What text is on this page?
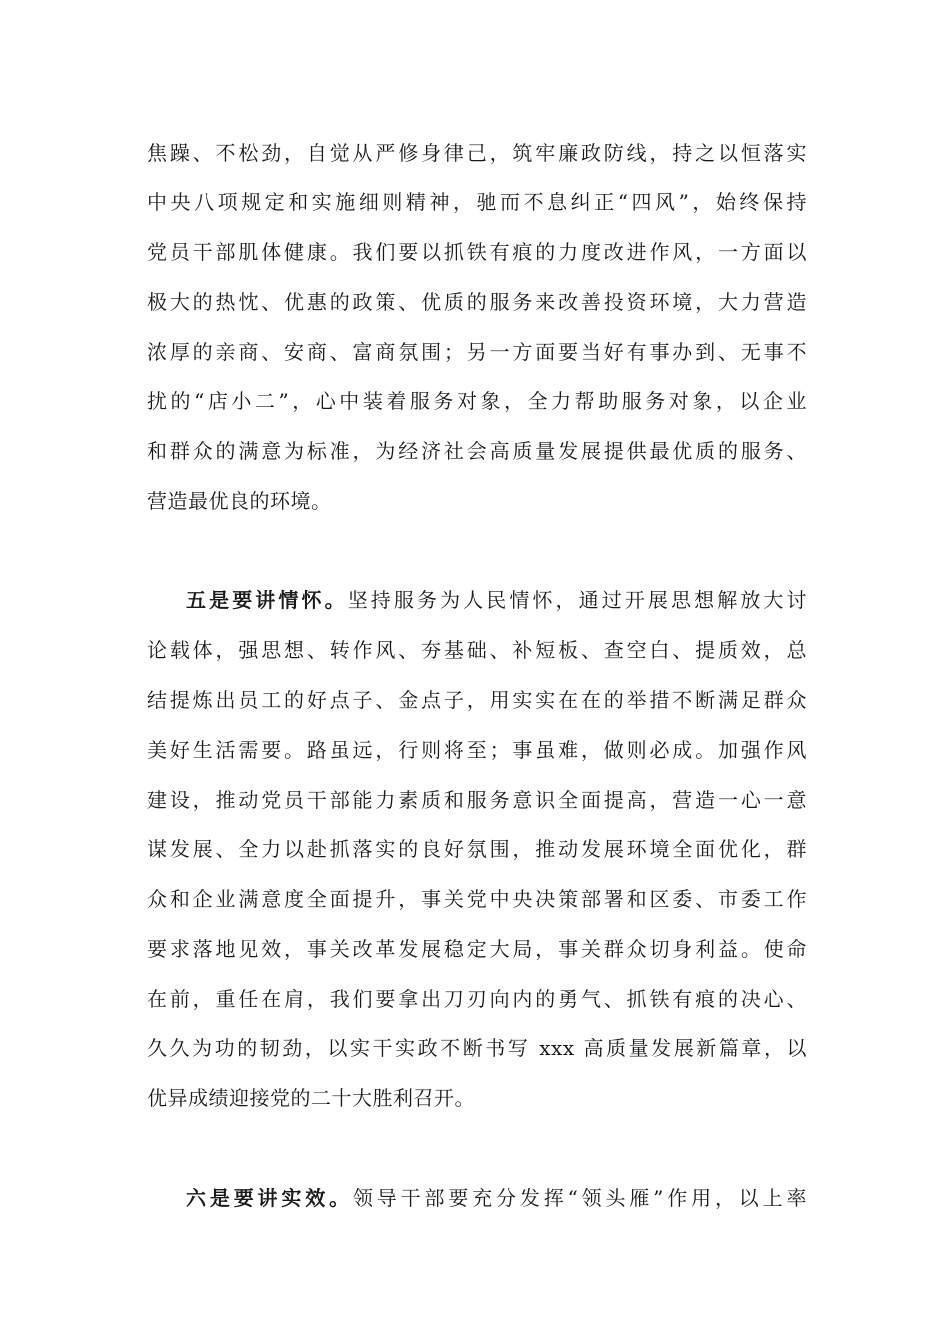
焦躁、不松劲，自觉从严修身律己，筑牢廉政防线，持之以恒落实
中央八项规定和实施细则精神，驰而不息纠正“四风”，始终保持
党员干部肌体健康。我们要以抓铁有痕的力度改进作风，一方面以
极大的热忱、优惠的政策、优质的服务来改善投资环境，大力营造
浓厚的亲商、安商、富商氛围；另一方面要当好有事办到、无事不
扰的“店小二”，心中装着服务对象，全力帮助服务对象，以企业
和群众的满意为标准，为经济社会高质量发展提供最优质的服务、
营造最优良的环境。
五是要讲情怀。坚持服务为人民情怀，通过开展思想解放大讨
论载体，强思想、转作风、夯基础、补短板、查空白、提质效，总
结提炼出员工的好点子、金点子，用实实在在的举措不断满足群众
美好生活需要。路虽远，行则将至；事虽难，做则必成。加强作风
建设，推动党员干部能力素质和服务意识全面提高，营造一心一意
谋发展、全力以赴抓落实的良好氛围，推动发展环境全面优化，群
众和企业满意度全面提升，事关党中央决策部署和区委、市委工作
要求落地见效，事关改革发展稳定大局，事关群众切身利益。使命
在前，重任在肩，我们要拿出刀刃向内的勇气、抓铁有痕的决心、
久久为功的韧劲，以实干实政不断书写 xxx 高质量发展新篇章，以
优异成绩迎接党的二十大胜利召开。
六是要讲实效。领导干部要充分发挥“领头雁”作用，以上率
